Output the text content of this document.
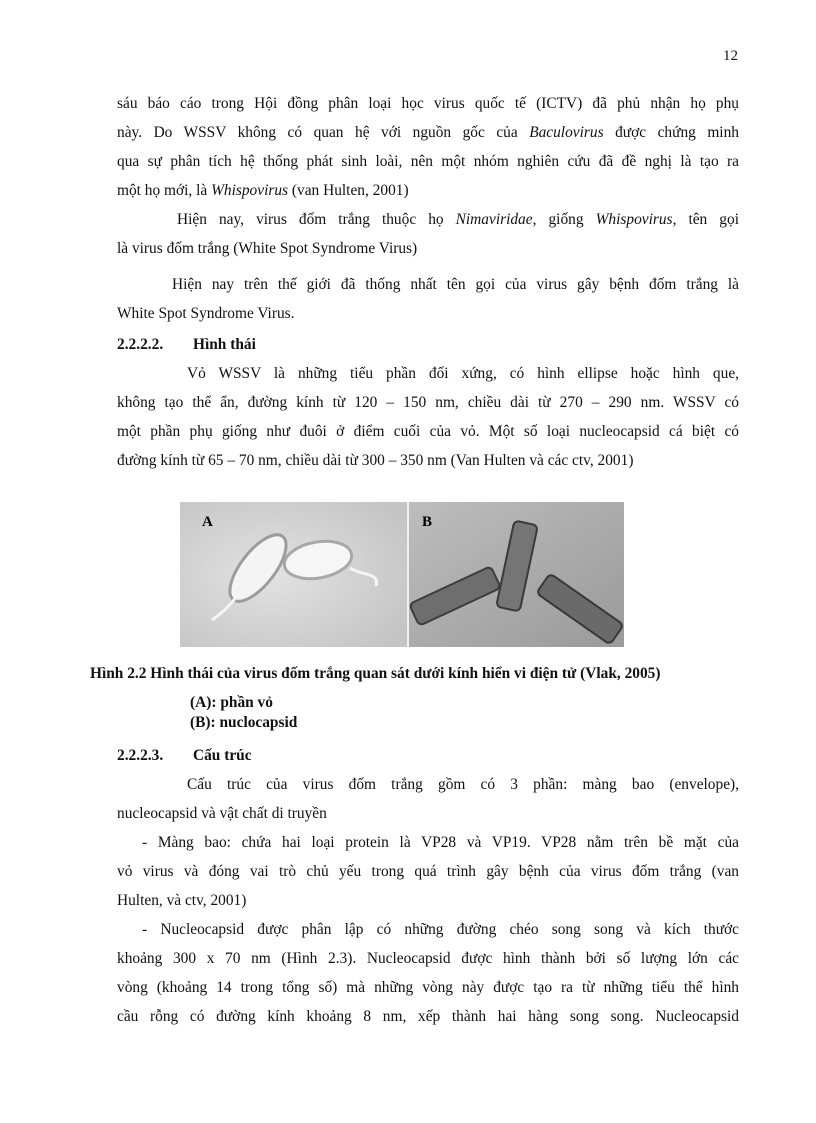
12
sáu báo cáo trong Hội đồng phân loại học virus quốc tế (ICTV) đã phủ nhận họ phụ
này. Do WSSV không có quan hệ với nguồn gốc của Baculovirus được chứng minh
qua sự phân tích hệ thống phát sinh loài, nên một nhóm nghiên cứu đã đề nghị là tạo ra
một họ mới, là Whispovirus (van Hulten, 2001)
Hiện nay, virus đốm trắng thuộc họ Nimaviridae, giống Whispovirus, tên gọi
là virus đốm trắng (White Spot Syndrome Virus)
Hiện nay trên thế giới đã thống nhất tên gọi của virus gây bệnh đốm trắng là
White Spot Syndrome Virus.
2.2.2.2. Hình thái
Vỏ WSSV là những tiểu phần đối xứng, có hình ellipse hoặc hình que,
không tạo thể ẩn, đường kính từ 120 – 150 nm, chiều dài từ 270 – 290 nm. WSSV có
một phần phụ giống như đuôi ở điểm cuối của vỏ. Một số loại nucleocapsid cá biệt có
đường kính từ 65 – 70 nm, chiều dài từ 300 – 350 nm (Van Hulten và các ctv, 2001)
A	B
Hình 2.2 Hình thái của virus đốm trắng quan sát dưới kính hiển vi điện tử (Vlak, 2005)
(A): phần vỏ
(B): nuclocapsid
2.2.2.3. Cấu trúc
Cấu trúc của virus đốm trắng gồm có 3 phần: màng bao (envelope),
nucleocapsid và vật chất di truyền
- Màng bao: chứa hai loại protein là VP28 và VP19. VP28 nằm trên bề mặt của
vỏ virus và đóng vai trò chủ yếu trong quá trình gây bệnh của virus đốm trắng (van
Hulten, và ctv, 2001)
- Nucleocapsid được phân lập có những đường chéo song song và kích thước
khoảng 300 x 70 nm (Hình 2.3). Nucleocapsid được hình thành bởi số lượng lớn các
vòng (khoảng 14 trong tổng số) mà những vòng này được tạo ra từ những tiểu thể hình
cầu rỗng có đường kính khoảng 8 nm, xếp thành hai hàng song song. Nucleocapsid
